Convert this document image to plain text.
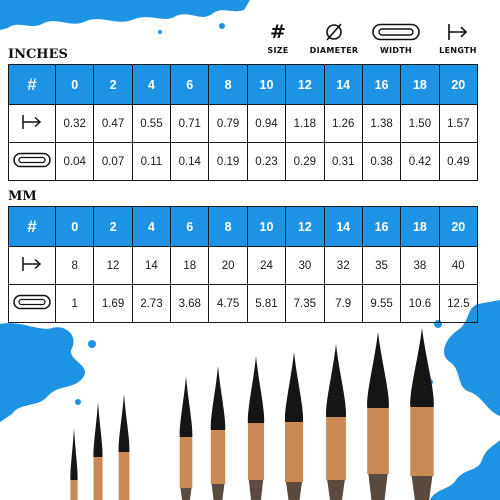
#
SIZE	DIAMETER	WIDTH	LENGTH
INCHES
#	0	2	4	6	8	10	12	14	16	18	20
	0.32	0.47	0.55	0.71	0.79	0.94	1.18	1.26	1.38	1.50	1.57
	0.04	0.07	0.11	0.14	0.19	0.23	0.29	0.31	0.38	0.42	0.49
MM
#	0	2	4	6	8	10	12	14	16	18	20
	8	12	14	18	20	24	30	32	35	38	40
	1	1.69	2.73	3.68	4.75	5.81	7.35	7.9	9.55	10.6	12.5
